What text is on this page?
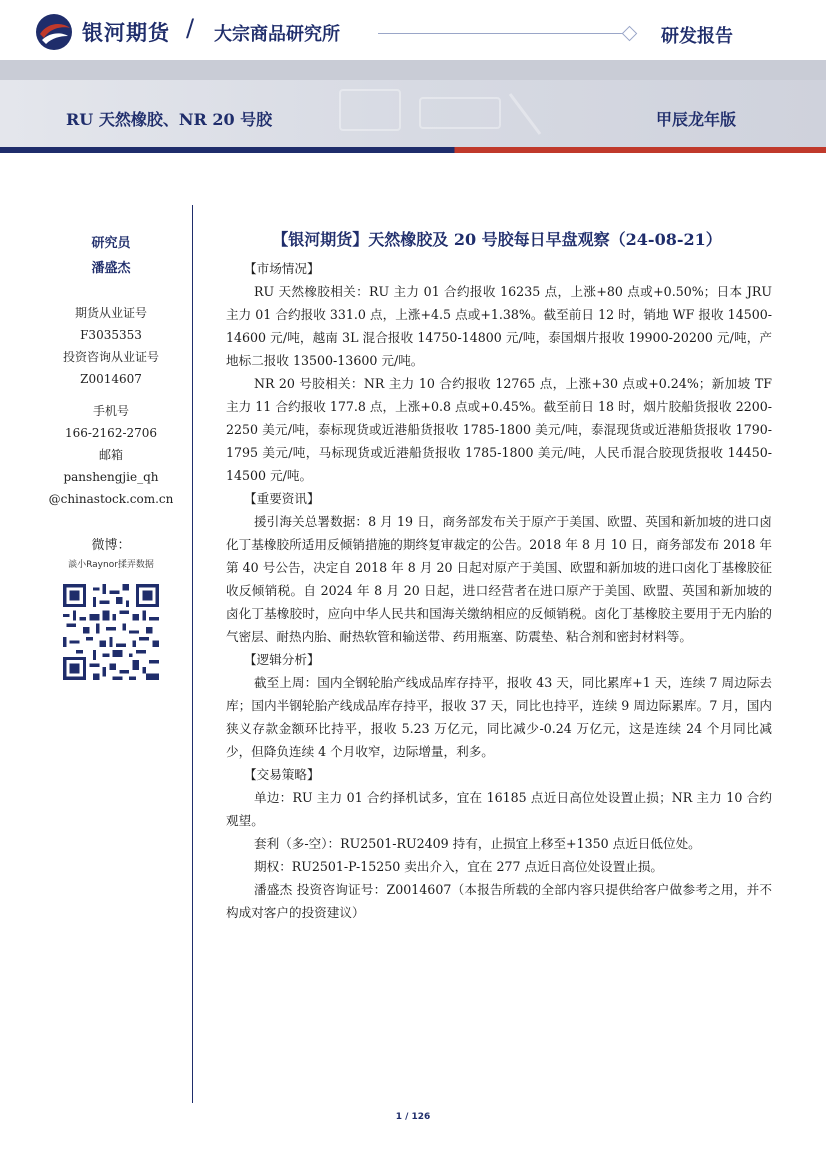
银河期货 / 大宗商品研究所	研发报告
RU 天然橡胶、NR 20 号胶	甲辰龙年版
研究员
潘盛杰
期货从业证号
F3035353
投资咨询从业证号
Z0014607
手机号
166-2162-2706
邮箱
panshengjie_qh
@chinastock.com.cn
微博：
談小Raynor揉弄数据
【银河期货】天然橡胶及 20 号胶每日早盘观察（24-08-21）

【市场情况】

RU 天然橡胶相关：RU 主力 01 合约报收 16235 点，上涨+80 点或+0.50%；日本 JRU 主力 01 合约报收 331.0 点，上涨+4.5 点或+1.38%。截至前日 12 时，销地 WF 报收 14500-14600 元/吨，越南 3L 混合报收 14750-14800 元/吨，泰国烟片报收 19900-20200 元/吨，产地标二报收 13500-13600 元/吨。

NR 20 号胶相关：NR 主力 10 合约报收 12765 点，上涨+30 点或+0.24%；新加坡 TF 主力 11 合约报收 177.8 点，上涨+0.8 点或+0.45%。截至前日 18 时，烟片胶船货报收 2200-2250 美元/吨，泰标现货或近港船货报收 1785-1800 美元/吨，泰混现货或近港船货报收 1790-1795 美元/吨，马标现货或近港船货报收 1785-1800 美元/吨，人民币混合胶现货报收 14450-14500 元/吨。

【重要资讯】

援引海关总署数据：8 月 19 日，商务部发布关于原产于美国、欧盟、英国和新加坡的进口卤化丁基橡胶所适用反倾销措施的期终复审裁定的公告。2018 年 8 月 10 日，商务部发布 2018 年第 40 号公告，决定自 2018 年 8 月 20 日起对原产于美国、欧盟和新加坡的进口卤化丁基橡胶征收反倾销税。自 2024 年 8 月 20 日起，进口经营者在进口原产于美国、欧盟、英国和新加坡的卤化丁基橡胶时，应向中华人民共和国海关缴纳相应的反倾销税。卤化丁基橡胶主要用于无内胎的气密层、耐热内胎、耐热软管和输送带、药用瓶塞、防震垫、粘合剂和密封材料等。

【逻辑分析】

截至上周：国内全钢轮胎产线成品库存持平，报收 43 天，同比累库+1 天，连续 7 周边际去库；国内半钢轮胎产线成品库存持平，报收 37 天，同比也持平，连续 9 周边际累库。7 月，国内狭义存款金额环比持平，报收 5.23 万亿元，同比减少-0.24 万亿元，这是连续 24 个月同比减少，但降负连续 4 个月收窄，边际增量，利多。

【交易策略】

单边：RU 主力 01 合约择机试多，宜在 16185 点近日高位处设置止损；NR 主力 10 合约观望。

套利（多-空）：RU2501-RU2409 持有，止损宜上移至+1350 点近日低位处。

期权：RU2501-P-15250 卖出介入，宜在 277 点近日高位处设置止损。

潘盛杰 投资咨询证号：Z0014607（本报告所载的全部内容只提供给客户做参考之用，并不构成对客户的投资建议）

1 / 126
